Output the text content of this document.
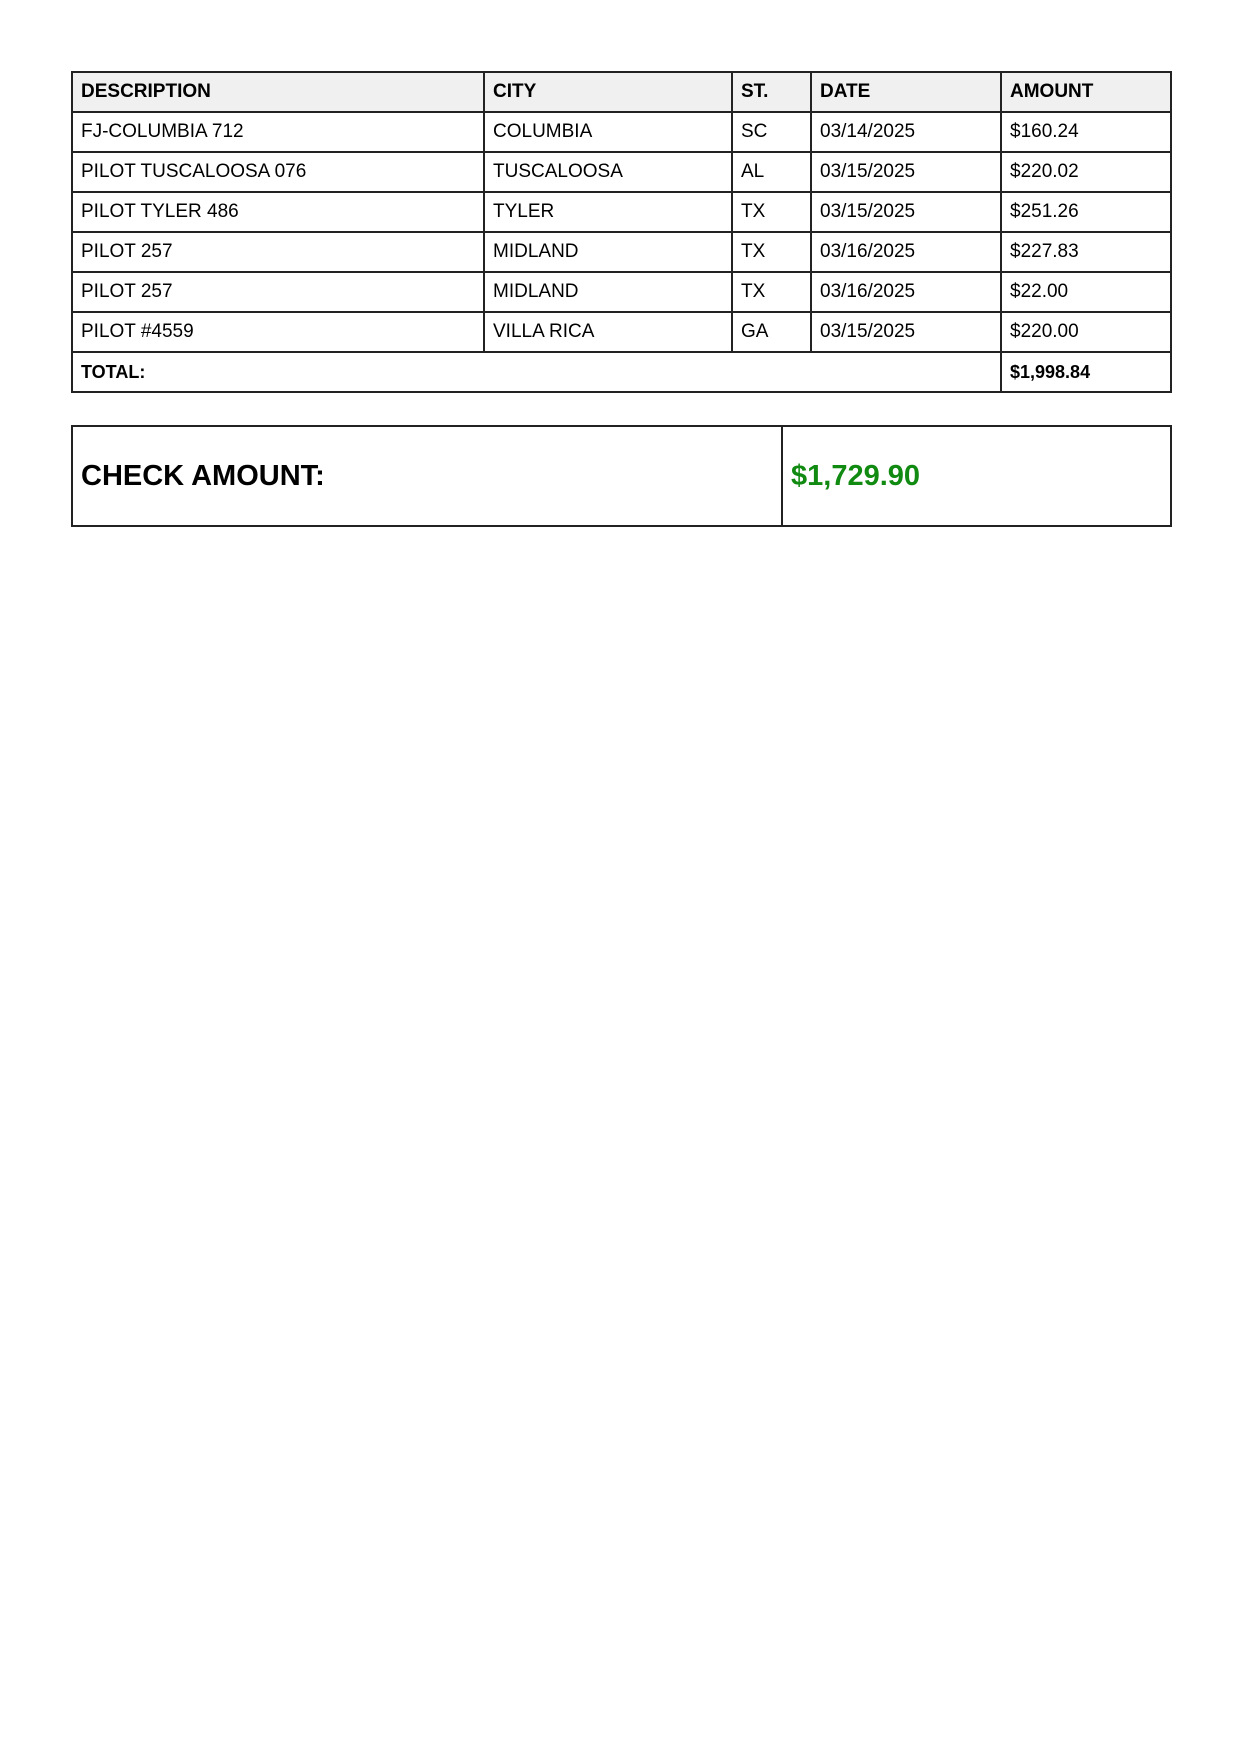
DESCRIPTION	CITY	ST.	DATE	AMOUNT
FJ-COLUMBIA 712	COLUMBIA	SC	03/14/2025	$160.24
PILOT TUSCALOOSA 076	TUSCALOOSA	AL	03/15/2025	$220.02
PILOT TYLER 486	TYLER	TX	03/15/2025	$251.26
PILOT 257	MIDLAND	TX	03/16/2025	$227.83
PILOT 257	MIDLAND	TX	03/16/2025	$22.00
PILOT #4559	VILLA RICA	GA	03/15/2025	$220.00
TOTAL:				$1,998.84
CHECK AMOUNT:	$1,729.90
